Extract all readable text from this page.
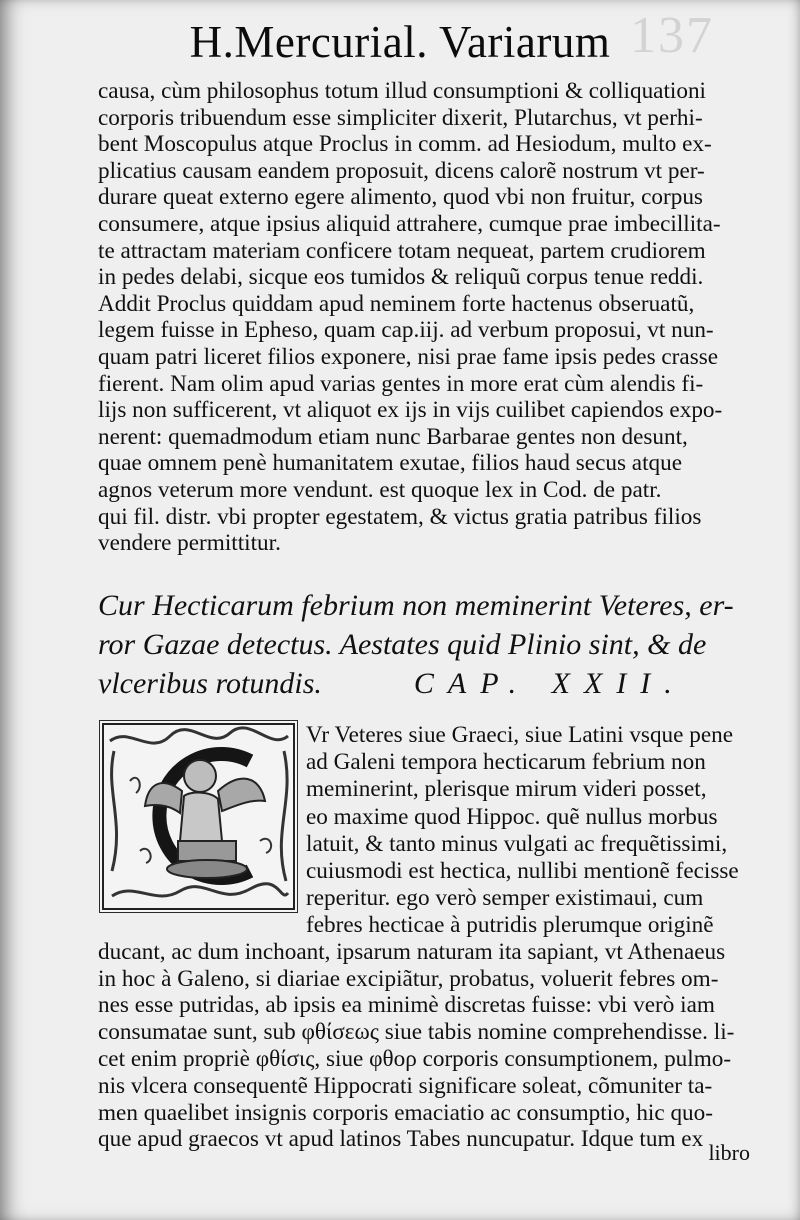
137
H.Mercurial. Variarum
causa, cùm philosophus totum illud consumptioni & colliquationi
corporis tribuendum esse simpliciter dixerit, Plutarchus, vt perhi-
bent Moscopulus atque Proclus in comm. ad Hesiodum, multo ex-
plicatius causam eandem proposuit, dicens calorẽ nostrum vt per-
durare queat externo egere alimento, quod vbi non fruitur, corpus
consumere, atque ipsius aliquid attrahere, cumque prae imbecillita-
te attractam materiam conficere totam nequeat, partem crudiorem
in pedes delabi, sicque eos tumidos & reliquũ corpus tenue reddi.
Addit Proclus quiddam apud neminem forte hactenus obseruatũ,
legem fuisse in Epheso, quam cap.iij. ad verbum proposui, vt nun-
quam patri liceret filios exponere, nisi prae fame ipsis pedes crasse
fierent. Nam olim apud varias gentes in more erat cùm alendis fi-
lijs non sufficerent, vt aliquot ex ijs in vijs cuilibet capiendos expo-
nerent: quemadmodum etiam nunc Barbarae gentes non desunt,
quae omnem penè humanitatem exutae, filios haud secus atque
agnos veterum more vendunt. est quoque lex in Cod. de patr.
qui fil. distr. vbi propter egestatem, & victus gratia patribus filios
vendere permittitur.
Cur Hecticarum febrium non meminerint Veteres, er-
ror Gazae detectus. Aestates quid Plinio sint, & de
vlceribus rotundis.	CAP. XXII.
Vr Veteres siue Graeci, siue Latini vsque pene
ad Galeni tempora hecticarum febrium non
meminerint, plerisque mirum videri posset,
eo maxime quod Hippoc. quẽ nullus morbus
latuit, & tanto minus vulgati ac frequẽtissimi,
cuiusmodi est hectica, nullibi mentionẽ fecisse
reperitur. ego verò semper existimaui, cum
febres hecticae à putridis plerumque originẽ
ducant, ac dum inchoant, ipsarum naturam ita sapiant, vt Athenaeus
in hoc à Galeno, si diariae excipiãtur, probatus, voluerit febres om-
nes esse putridas, ab ipsis ea minimè discretas fuisse: vbi verò iam
consumatae sunt, sub φθίσεως siue tabis nomine comprehendisse. li-
cet enim propriè φθίσις, siue φθορ corporis consumptionem, pulmo-
nis vlcera consequentẽ Hippocrati significare soleat, cõmuniter ta-
men quaelibet insignis corporis emaciatio ac consumptio, hic quo-
que apud graecos vt apud latinos Tabes nuncupatur. Idque tum ex
libro
